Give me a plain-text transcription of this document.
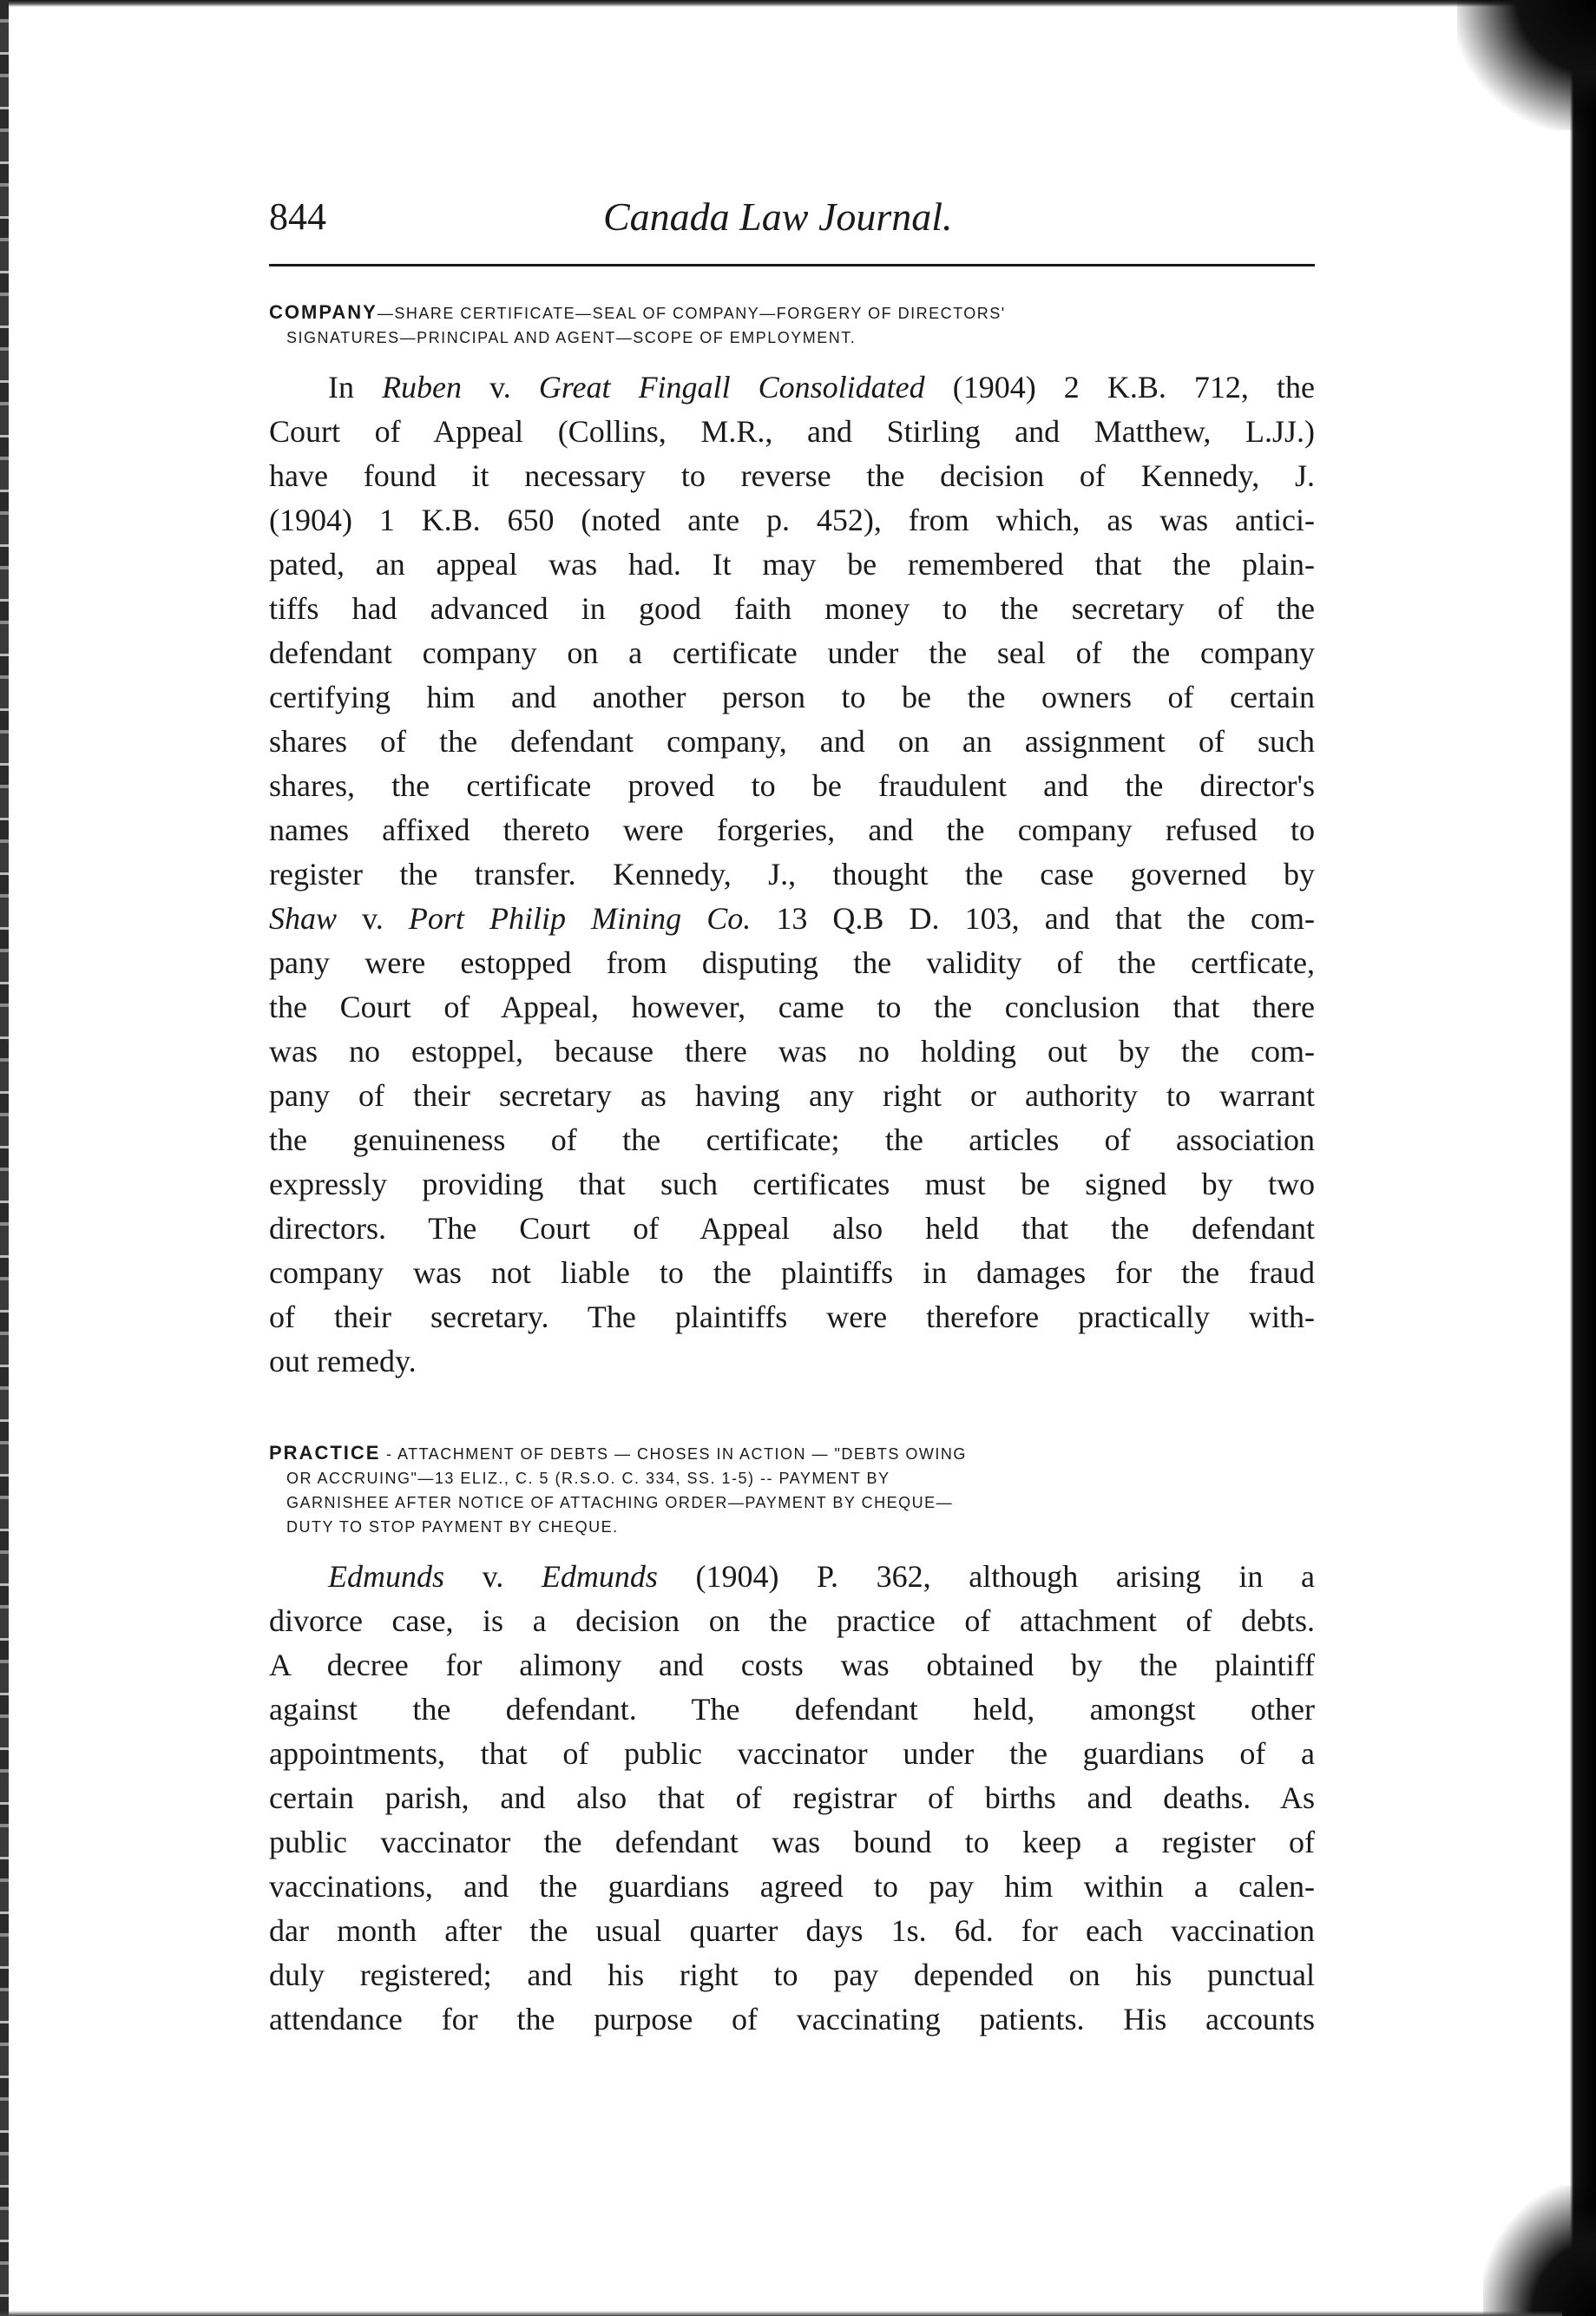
844	Canada Law Journal.
COMPANY—SHARE CERTIFICATE—SEAL OF COMPANY—FORGERY OF DIRECTORS'
SIGNATURES—PRINCIPAL AND AGENT—SCOPE OF EMPLOYMENT.
In Ruben v. Great Fingall Consolidated (1904) 2 K.B. 712, the
Court of Appeal (Collins, M.R., and Stirling and Matthew, L.JJ.)
have found it necessary to reverse the decision of Kennedy, J.
(1904) 1 K.B. 650 (noted ante p. 452), from which, as was antici-
pated, an appeal was had. It may be remembered that the plain-
tiffs had advanced in good faith money to the secretary of the
defendant company on a certificate under the seal of the company
certifying him and another person to be the owners of certain
shares of the defendant company, and on an assignment of such
shares, the certificate proved to be fraudulent and the director's
names affixed thereto were forgeries, and the company refused to
register the transfer. Kennedy, J., thought the case governed by
Shaw v. Port Philip Mining Co. 13 Q.B D. 103, and that the com-
pany were estopped from disputing the validity of the certficate,
the Court of Appeal, however, came to the conclusion that there
was no estoppel, because there was no holding out by the com-
pany of their secretary as having any right or authority to warrant
the genuineness of the certificate; the articles of association
expressly providing that such certificates must be signed by two
directors. The Court of Appeal also held that the defendant
company was not liable to the plaintiffs in damages for the fraud
of their secretary. The plaintiffs were therefore practically with-
out remedy.
PRACTICE - ATTACHMENT OF DEBTS — CHOSES IN ACTION — "DEBTS OWING
OR ACCRUING"—13 ELIZ., C. 5 (R.S.O. C. 334, SS. 1-5) -- PAYMENT BY
GARNISHEE AFTER NOTICE OF ATTACHING ORDER—PAYMENT BY CHEQUE—
DUTY TO STOP PAYMENT BY CHEQUE.
Edmunds v. Edmunds (1904) P. 362, although arising in a
divorce case, is a decision on the practice of attachment of debts.
A decree for alimony and costs was obtained by the plaintiff
against the defendant. The defendant held, amongst other
appointments, that of public vaccinator under the guardians of a
certain parish, and also that of registrar of births and deaths. As
public vaccinator the defendant was bound to keep a register of
vaccinations, and the guardians agreed to pay him within a calen-
dar month after the usual quarter days 1s. 6d. for each vaccination
duly registered; and his right to pay depended on his punctual
attendance for the purpose of vaccinating patients. His accounts
